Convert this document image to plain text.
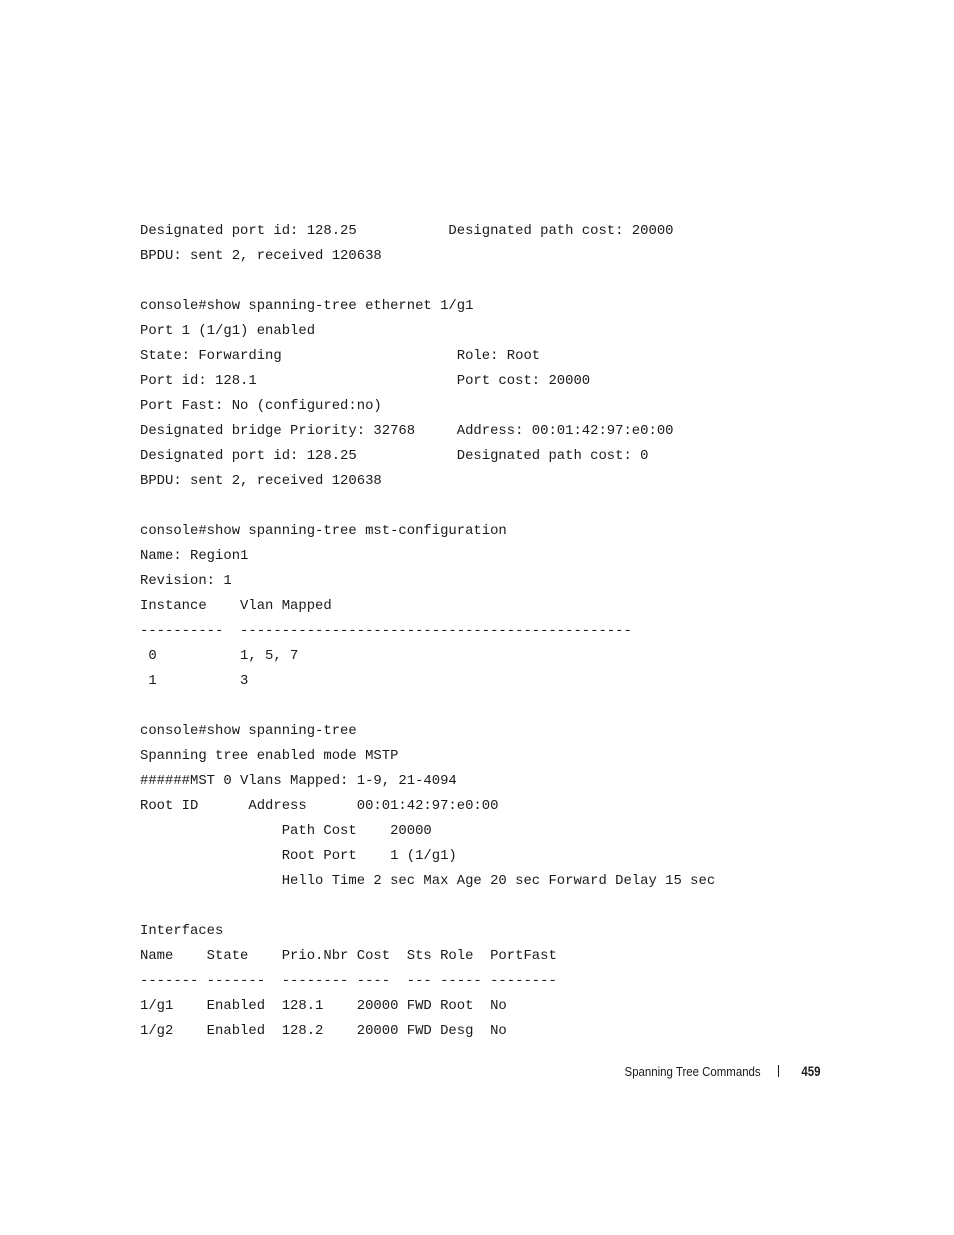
Designated port id: 128.25           Designated path cost: 20000
BPDU: sent 2, received 120638
console#show spanning-tree ethernet 1/g1
Port 1 (1/g1) enabled
State: Forwarding                     Role: Root
Port id: 128.1                        Port cost: 20000
Port Fast: No (configured:no)
Designated bridge Priority: 32768     Address: 00:01:42:97:e0:00
Designated port id: 128.25            Designated path cost: 0
BPDU: sent 2, received 120638
console#show spanning-tree mst-configuration
Name: Region1
Revision: 1
Instance    Vlan Mapped
----------  -----------------------------------------------
0          1, 5, 7
1          3
console#show spanning-tree
Spanning tree enabled mode MSTP
######MST 0 Vlans Mapped: 1-9, 21-4094
Root ID      Address      00:01:42:97:e0:00
Path Cost    20000
Root Port    1 (1/g1)
Hello Time 2 sec Max Age 20 sec Forward Delay 15 sec
Interfaces
Name    State    Prio.Nbr Cost  Sts Role  PortFast
------- -------  -------- ----  --- ----- --------
1/g1    Enabled  128.1    20000 FWD Root  No
1/g2    Enabled  128.2    20000 FWD Desg  No
Spanning Tree Commands	459
